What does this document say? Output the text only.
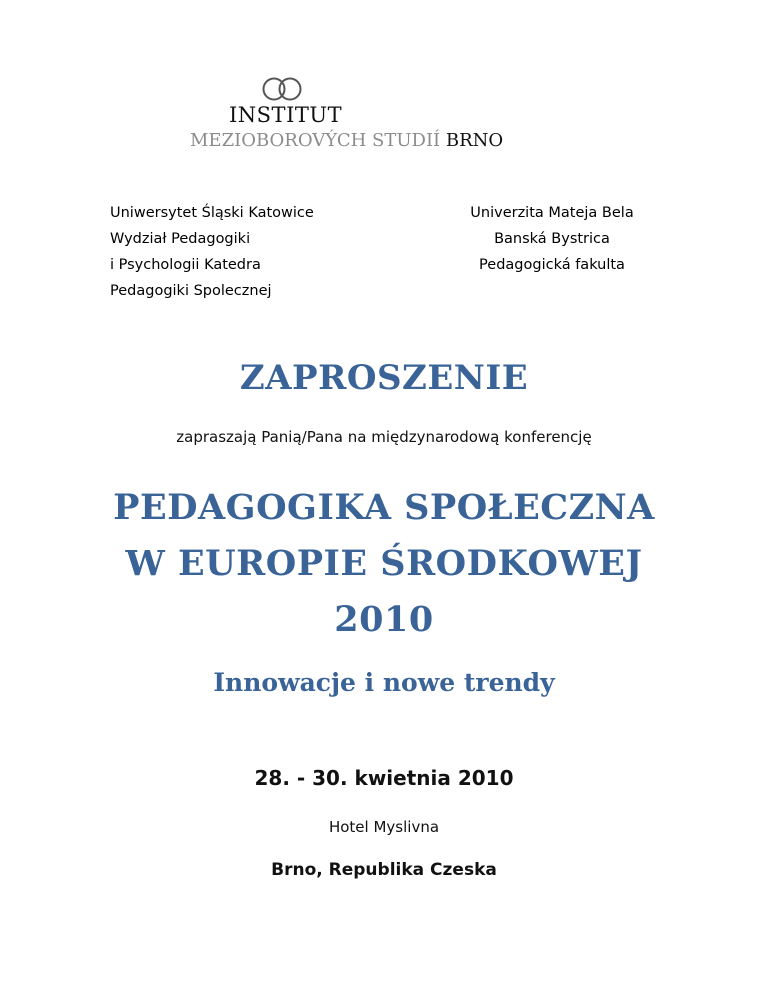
INSTITUT
MEZIOBOROVÝCH STUDIÍ BRNO
Uniwersytet Śląski Katowice
Wydział Pedagogiki
i Psychologii Katedra
Pedagogiki Spolecznej
Univerzita Mateja Bela
Banská Bystrica
Pedagogická fakulta
ZAPROSZENIE
zapraszają Panią/Pana na międzynarodową konferencję
PEDAGOGIKA SPOŁECZNA
W EUROPIE ŚRODKOWEJ
2010
Innowacje i nowe trendy
28. - 30. kwietnia 2010
Hotel Myslivna
Brno, Republika Czeska
